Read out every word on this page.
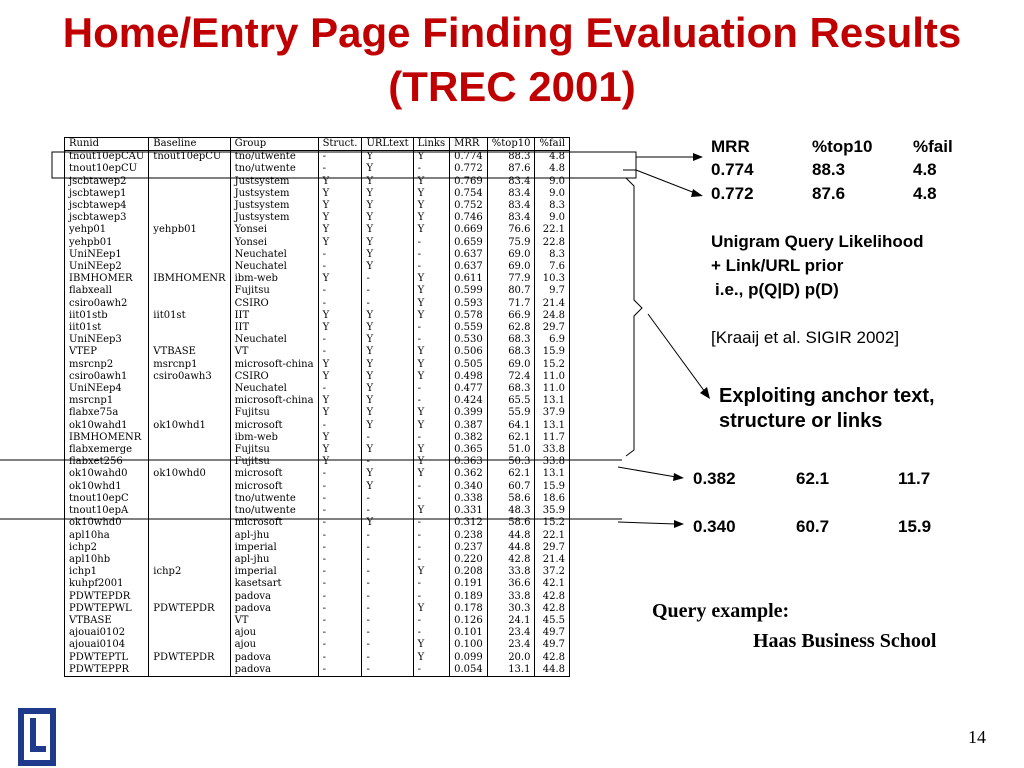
Home/Entry Page Finding Evaluation Results
(TREC 2001)
Runid	Baseline	Group	Struct.	URLtext	Links	MRR	%top10	%fail
tnout10epCAU	tnout10epCU	tno/utwente	-	Y	Y	0.774	88.3	4.8
tnout10epCU		tno/utwente	-	Y	-	0.772	87.6	4.8
jscbtawep2		Justsystem	Y	Y	Y	0.769	83.4	9.0
jscbtawep1		Justsystem	Y	Y	Y	0.754	83.4	9.0
jscbtawep4		Justsystem	Y	Y	Y	0.752	83.4	8.3
jscbtawep3		Justsystem	Y	Y	Y	0.746	83.4	9.0
yehp01	yehpb01	Yonsei	Y	Y	Y	0.669	76.6	22.1
yehpb01		Yonsei	Y	Y	-	0.659	75.9	22.8
UniNEep1		Neuchatel	-	Y	-	0.637	69.0	8.3
UniNEep2		Neuchatel	-	Y	-	0.637	69.0	7.6
IBMHOMER	IBMHOMENR	ibm-web	Y	-	Y	0.611	77.9	10.3
flabxeall		Fujitsu	-	-	Y	0.599	80.7	9.7
csiro0awh2		CSIRO	-	-	Y	0.593	71.7	21.4
iit01stb	iit01st	IIT	Y	Y	Y	0.578	66.9	24.8
iit01st		IIT	Y	Y	-	0.559	62.8	29.7
UniNEep3		Neuchatel	-	Y	-	0.530	68.3	6.9
VTEP	VTBASE	VT	-	Y	Y	0.506	68.3	15.9
msrcnp2	msrcnp1	microsoft-china	Y	Y	Y	0.505	69.0	15.2
csiro0awh1	csiro0awh3	CSIRO	Y	Y	Y	0.498	72.4	11.0
UniNEep4		Neuchatel	-	Y	-	0.477	68.3	11.0
msrcnp1		microsoft-china	Y	Y	-	0.424	65.5	13.1
flabxe75a		Fujitsu	Y	Y	Y	0.399	55.9	37.9
ok10wahd1	ok10whd1	microsoft	-	Y	Y	0.387	64.1	13.1
IBMHOMENR		ibm-web	Y	-	-	0.382	62.1	11.7
flabxemerge		Fujitsu	Y	Y	Y	0.365	51.0	33.8
flabxet256		Fujitsu	Y	-	Y	0.363	50.3	33.8
ok10wahd0	ok10whd0	microsoft	-	Y	Y	0.362	62.1	13.1
ok10whd1		microsoft	-	Y	-	0.340	60.7	15.9
tnout10epC		tno/utwente	-	-	-	0.338	58.6	18.6
tnout10epA		tno/utwente	-	-	Y	0.331	48.3	35.9
ok10whd0		microsoft	-	Y	-	0.312	58.6	15.2
apl10ha		apl-jhu	-	-	-	0.238	44.8	22.1
ichp2		imperial	-	-	-	0.237	44.8	29.7
apl10hb		apl-jhu	-	-	-	0.220	42.8	21.4
ichp1	ichp2	imperial	-	-	Y	0.208	33.8	37.2
kuhpf2001		kasetsart	-	-	-	0.191	36.6	42.1
PDWTEPDR		padova	-	-	-	0.189	33.8	42.8
PDWTEPWL	PDWTEPDR	padova	-	-	Y	0.178	30.3	42.8
VTBASE		VT	-	-	-	0.126	24.1	45.5
ajouai0102		ajou	-	-	-	0.101	23.4	49.7
ajouai0104		ajou	-	-	Y	0.100	23.4	49.7
PDWTEPTL	PDWTEPDR	padova	-	-	Y	0.099	20.0	42.8
PDWTEPPR		padova	-	-	-	0.054	13.1	44.8
MRR	%top10 %fail
0.774	88.3	4.8
0.772	87.6	4.8
Unigram Query Likelihood
+ Link/URL prior
i.e., p(Q|D) p(D)
[Kraaij et al. SIGIR 2002]
Exploiting anchor text,
structure or links
0.382	62.1	11.7
0.340	60.7	15.9
Query example:
Haas Business School
14
